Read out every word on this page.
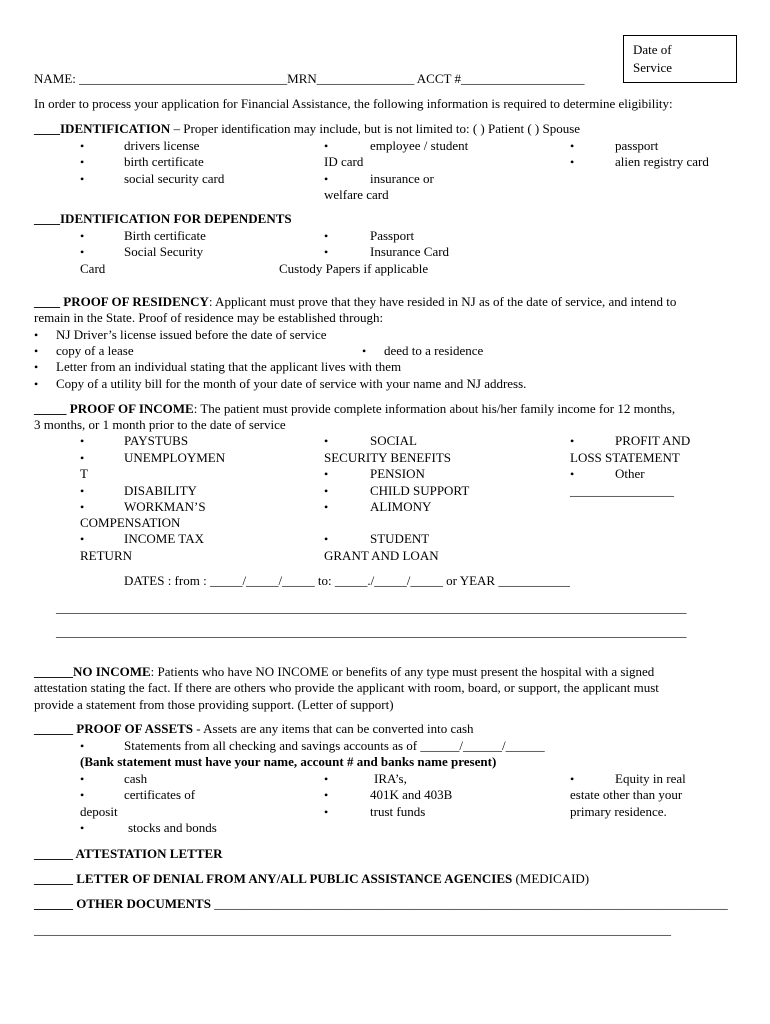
Date of
Service
NAME: ________________________________MRN_______________ ACCT #___________________
In order to process your application for Financial Assistance, the following information is required to determine eligibility:
____IDENTIFICATION – Proper identification may include, but is not limited to: ( ) Patient ( ) Spouse
•
drivers license
•
birth certificate
•
social security card
•
employee / student
ID card
•
insurance or
welfare card
•
passport
•
alien registry card
____IDENTIFICATION FOR DEPENDENTS
•
Birth certificate
•
Social Security
Card
•
Passport
•
Insurance Card
Custody Papers if applicable
____ PROOF OF RESIDENCY: Applicant must prove that they have resided in NJ as of the date of service, and intend to
remain in the State. Proof of residence may be established through:
•
NJ Driver’s license issued before the date of service
•
copy of a lease
•	deed to a residence
•
Letter from an individual stating that the applicant lives with them
•
Copy of a utility bill for the month of your date of service with your name and NJ address.
_____ PROOF OF INCOME: The patient must provide complete information about his/her family income for 12 months,
3 months, or 1 month prior to the date of service
•
PAYSTUBS
•
UNEMPLOYMEN
T
•
DISABILITY
•
WORKMAN’S
COMPENSATION
•
INCOME TAX
RETURN
•
SOCIAL
SECURITY BENEFITS
•
PENSION
•
CHILD SUPPORT
•
ALIMONY
•
STUDENT
GRANT AND LOAN
•
PROFIT AND
LOSS STATEMENT
•
Other
________________
DATES : from : _____/_____/_____ to: _____./_____/_____ or YEAR ___________
_________________________________________________________________________________________________
_________________________________________________________________________________________________
______NO INCOME: Patients who have NO INCOME or benefits of any type must present the hospital with a signed
attestation stating the fact. If there are others who provide the applicant with room, board, or support, the applicant must
provide a statement from those providing support. (Letter of support)
______ PROOF OF ASSETS - Assets are any items that can be converted into cash
•
Statements from all checking and savings accounts as of ______/______/______
(Bank statement must have your name, account # and banks name present)
•
cash
•
certificates of
deposit
•
stocks and bonds
•
IRA’s,
•
401K and 403B
•
trust funds
•
Equity in real
estate other than your
primary residence.
______ ATTESTATION LETTER
______ LETTER OF DENIAL FROM ANY/ALL PUBLIC ASSISTANCE AGENCIES (MEDICAID)
______ OTHER DOCUMENTS _______________________________________________________________________________
__________________________________________________________________________________________________
